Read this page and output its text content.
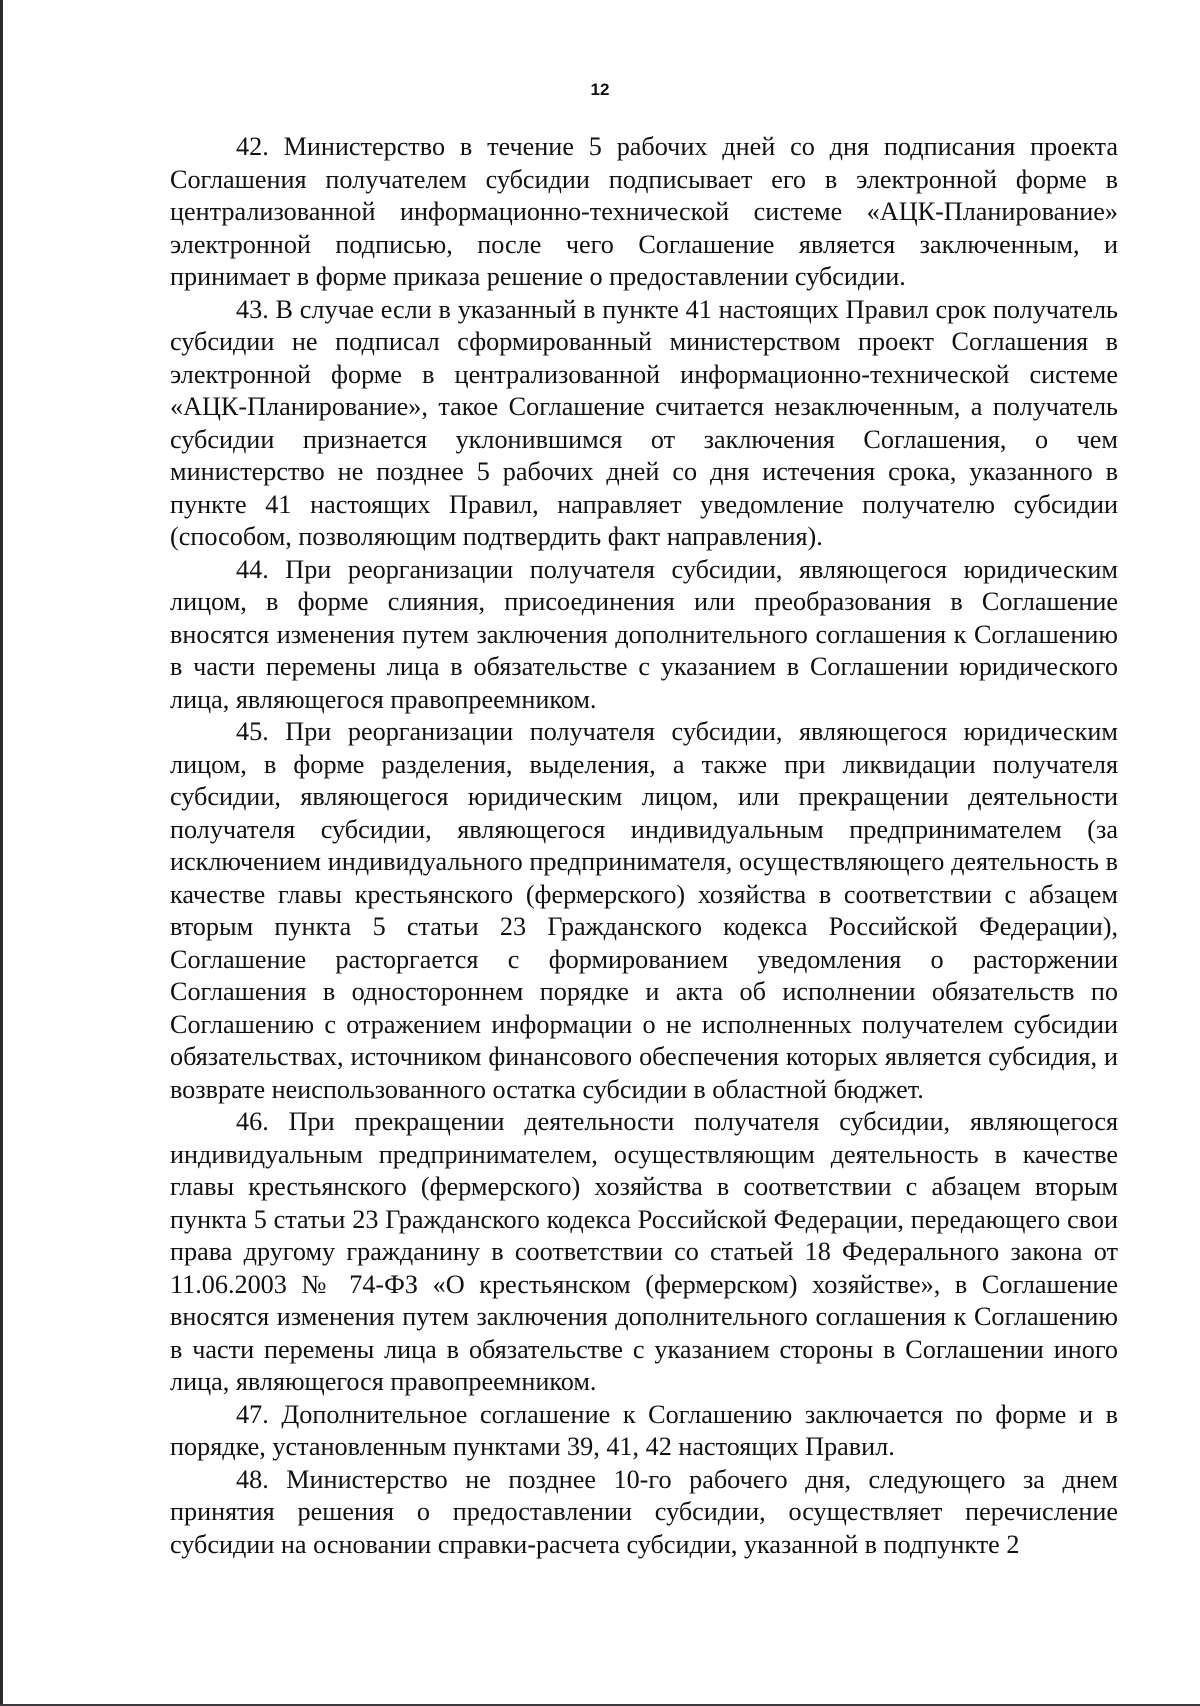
12

42. Министерство в течение 5 рабочих дней со дня подписания проекта Соглашения получателем субсидии подписывает его в электронной форме в централизованной информационно-технической системе «АЦК-Планирование» электронной подписью, после чего Соглашение является заключенным, и принимает в форме приказа решение о предоставлении субсидии.

43. В случае если в указанный в пункте 41 настоящих Правил срок получатель субсидии не подписал сформированный министерством проект Соглашения в электронной форме в централизованной информационно-технической системе «АЦК-Планирование», такое Соглашение считается незаключенным, а получатель субсидии признается уклонившимся от заключения Соглашения, о чем министерство не позднее 5 рабочих дней со дня истечения срока, указанного в пункте 41 настоящих Правил, направляет уведомление получателю субсидии (способом, позволяющим подтвердить факт направления).

44. При реорганизации получателя субсидии, являющегося юридическим лицом, в форме слияния, присоединения или преобразования в Соглашение вносятся изменения путем заключения дополнительного соглашения к Соглашению в части перемены лица в обязательстве с указанием в Соглашении юридического лица, являющегося правопреемником.

45. При реорганизации получателя субсидии, являющегося юридическим лицом, в форме разделения, выделения, а также при ликвидации получателя субсидии, являющегося юридическим лицом, или прекращении деятельности получателя субсидии, являющегося индивидуальным предпринимателем (за исключением индивидуального предпринимателя, осуществляющего деятельность в качестве главы крестьянского (фермерского) хозяйства в соответствии с абзацем вторым пункта 5 статьи 23 Гражданского кодекса Российской Федерации), Соглашение расторгается с формированием уведомления о расторжении Соглашения в одностороннем порядке и акта об исполнении обязательств по Соглашению с отражением информации о не исполненных получателем субсидии обязательствах, источником финансового обеспечения которых является субсидия, и возврате неиспользованного остатка субсидии в областной бюджет.

46. При прекращении деятельности получателя субсидии, являющегося индивидуальным предпринимателем, осуществляющим деятельность в качестве главы крестьянского (фермерского) хозяйства в соответствии с абзацем вторым пункта 5 статьи 23 Гражданского кодекса Российской Федерации, передающего свои права другому гражданину в соответствии со статьей 18 Федерального закона от 11.06.2003 № 74-ФЗ «О крестьянском (фермерском) хозяйстве», в Соглашение вносятся изменения путем заключения дополнительного соглашения к Соглашению в части перемены лица в обязательстве с указанием стороны в Соглашении иного лица, являющегося правопреемником.

47. Дополнительное соглашение к Соглашению заключается по форме и в порядке, установленным пунктами 39, 41, 42 настоящих Правил.

48. Министерство не позднее 10-го рабочего дня, следующего за днем принятия решения о предоставлении субсидии, осуществляет перечисление субсидии на основании справки-расчета субсидии, указанной в подпункте 2
